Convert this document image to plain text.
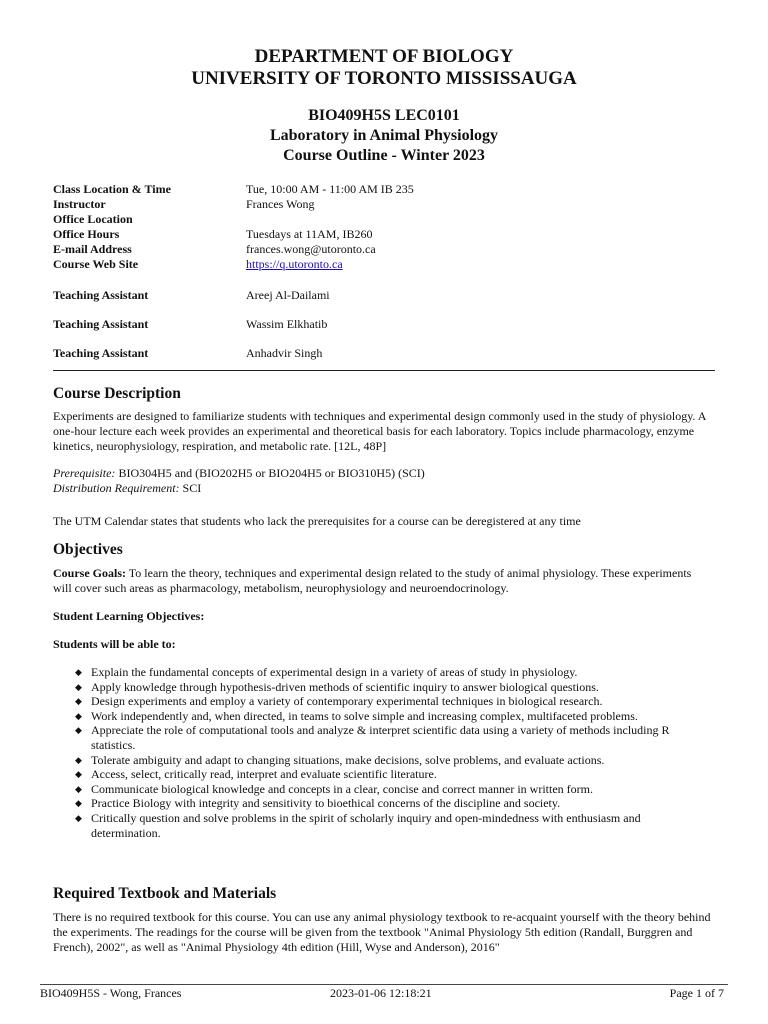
DEPARTMENT OF BIOLOGY
UNIVERSITY OF TORONTO MISSISSAUGA
BIO409H5S LEC0101
Laboratory in Animal Physiology
Course Outline - Winter 2023
Class Location & Time	Tue, 10:00 AM - 11:00 AM IB 235
Instructor	Frances Wong
Office Location
Office Hours	Tuesdays at 11AM, IB260
E-mail Address	frances.wong@utoronto.ca
Course Web Site	https://q.utoronto.ca
Teaching Assistant	Areej Al-Dailami
Teaching Assistant	Wassim Elkhatib
Teaching Assistant	Anhadvir Singh
Course Description
Experiments are designed to familiarize students with techniques and experimental design commonly used in the study of physiology. A one-hour lecture each week provides an experimental and theoretical basis for each laboratory. Topics include pharmacology, enzyme kinetics, neurophysiology, respiration, and metabolic rate. [12L, 48P]
Prerequisite: BIO304H5 and (BIO202H5 or BIO204H5 or BIO310H5) (SCI)
Distribution Requirement: SCI
The UTM Calendar states that students who lack the prerequisites for a course can be deregistered at any time
Objectives
Course Goals: To learn the theory, techniques and experimental design related to the study of animal physiology. These experiments will cover such areas as pharmacology, metabolism, neurophysiology and neuroendocrinology.
Student Learning Objectives:
Students will be able to:
◆ Explain the fundamental concepts of experimental design in a variety of areas of study in physiology.
◆ Apply knowledge through hypothesis-driven methods of scientific inquiry to answer biological questions.
◆ Design experiments and employ a variety of contemporary experimental techniques in biological research.
◆ Work independently and, when directed, in teams to solve simple and increasing complex, multifaceted problems.
◆ Appreciate the role of computational tools and analyze & interpret scientific data using a variety of methods including R statistics.
◆ Tolerate ambiguity and adapt to changing situations, make decisions, solve problems, and evaluate actions.
◆ Access, select, critically read, interpret and evaluate scientific literature.
◆ Communicate biological knowledge and concepts in a clear, concise and correct manner in written form.
◆ Practice Biology with integrity and sensitivity to bioethical concerns of the discipline and society.
◆ Critically question and solve problems in the spirit of scholarly inquiry and open-mindedness with enthusiasm and determination.
Required Textbook and Materials
There is no required textbook for this course. You can use any animal physiology textbook to re-acquaint yourself with the theory behind the experiments. The readings for the course will be given from the textbook "Animal Physiology 5th edition (Randall, Burggren and French), 2002", as well as "Animal Physiology 4th edition (Hill, Wyse and Anderson), 2016"
BIO409H5S - Wong, Frances	2023-01-06 12:18:21	Page 1 of 7
